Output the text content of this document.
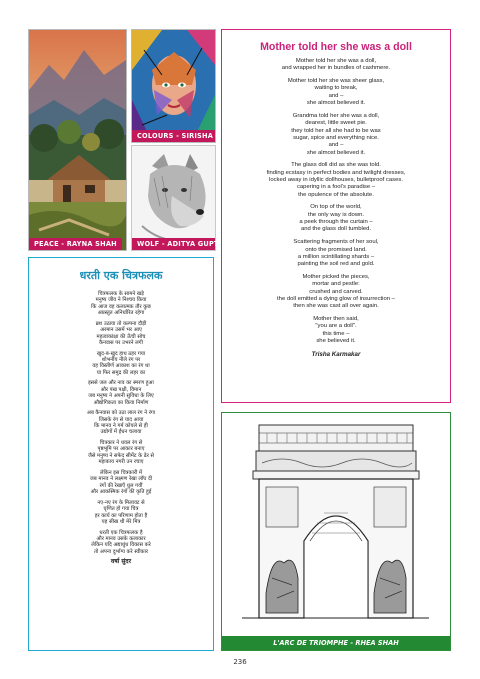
PEACE - RAYNA SHAH
COLOURS - SIRISHA GAJRI
WOLF - ADITYA GUPTA
Mother told her she was a doll
Mother told her she was a doll,
and wrapped her in bundles of cashmere.
Mother told her she was sheer glass,
waiting to break,
and –
she almost believed it.
Grandma told her she was a doll,
dearest, little sweet pie.
they told her all she had to be was
sugar, spice and everything nice.
and –
she almost believed it.
The glass doll did as she was told.
finding ecstasy in perfect bodies and twilight dresses,
locked away in idyllic dollhouses, bulletproof cases.
capering in a fool's paradise –
the opulence of the absolute.
On top of the world,
the only way is down.
a peek through the curtain –
and the glass doll tumbled.
Scattering fragments of her soul,
onto the promised land.
a million scintillating shards –
painting the soil red and gold.
Mother picked the pieces,
mortar and pestle:
crushed and carved.
the doll emitted a dying glow of insurrection –
then she was cast all over again.
Mother then said,
"you are a doll".
this time –
she believed it.
Trisha Karmakar
धरती एक चित्रफलक
चित्रफलक के सामने खड़े
मनुष्य जीव ने निश्चय किया
कि आज वह कलात्मक तौर कुछ
अप्रस्तुत अनिर्धारित रहेगा
ब्रश उठाया तो कल्पना दौड़ी
अरमान उसमें भर आए
महत्वाकांक्षा की ऊँची सोच
कैनवास पर उभरने लगी
खुद-ब-खुद हाथ ठहर गया
शोभनीय नीले रंग पर
वह विस्तीर्ण आकाश का रंग था
या फिर समुद्र की लहर का
इससे जल और नाव का स्मरण हुआ
और पंख पक्षी, विमान
जब मनुष्य ने अपनी सुविधा के लिए
औद्योगिकता का किया निर्माण
अब कैनवास को उठा लाल रंग ने रंगा
जिसके रंग से याद आया
कि मानव ने गर्म कोयले से ही
उद्योगों में ईंधन चलाया
चित्रकार ने धवल रंग से
पृष्ठभूमि पर आकार बनाए
जैसे मनुष्य ने सफेद सीमेंट के ढेर से
महाकाय नगरी उन रचाए
लेकिन इस चित्रकारी में
जब मानव ने लक्ष्मण रेखा लाँघ दी
रंगों की रेखाएँ धुल गयीं
और आकस्मिक रंगों की कृति हुई
नए-नए रंग के मिलावट से
घृणित हो गया चित्र
हर कार्य का परिणाम होता है
यह सीख थी मेरे मित्र
धरती एक चित्रफलक है
और मानव उसके कलाकार
लेकिन यदि अद्याधुंध विकास करे
तो अपना दुर्भाग्य करे स्वीकार
वर्षा सुंदर
L'ARC DE TRIOMPHE - RHEA SHAH
236
